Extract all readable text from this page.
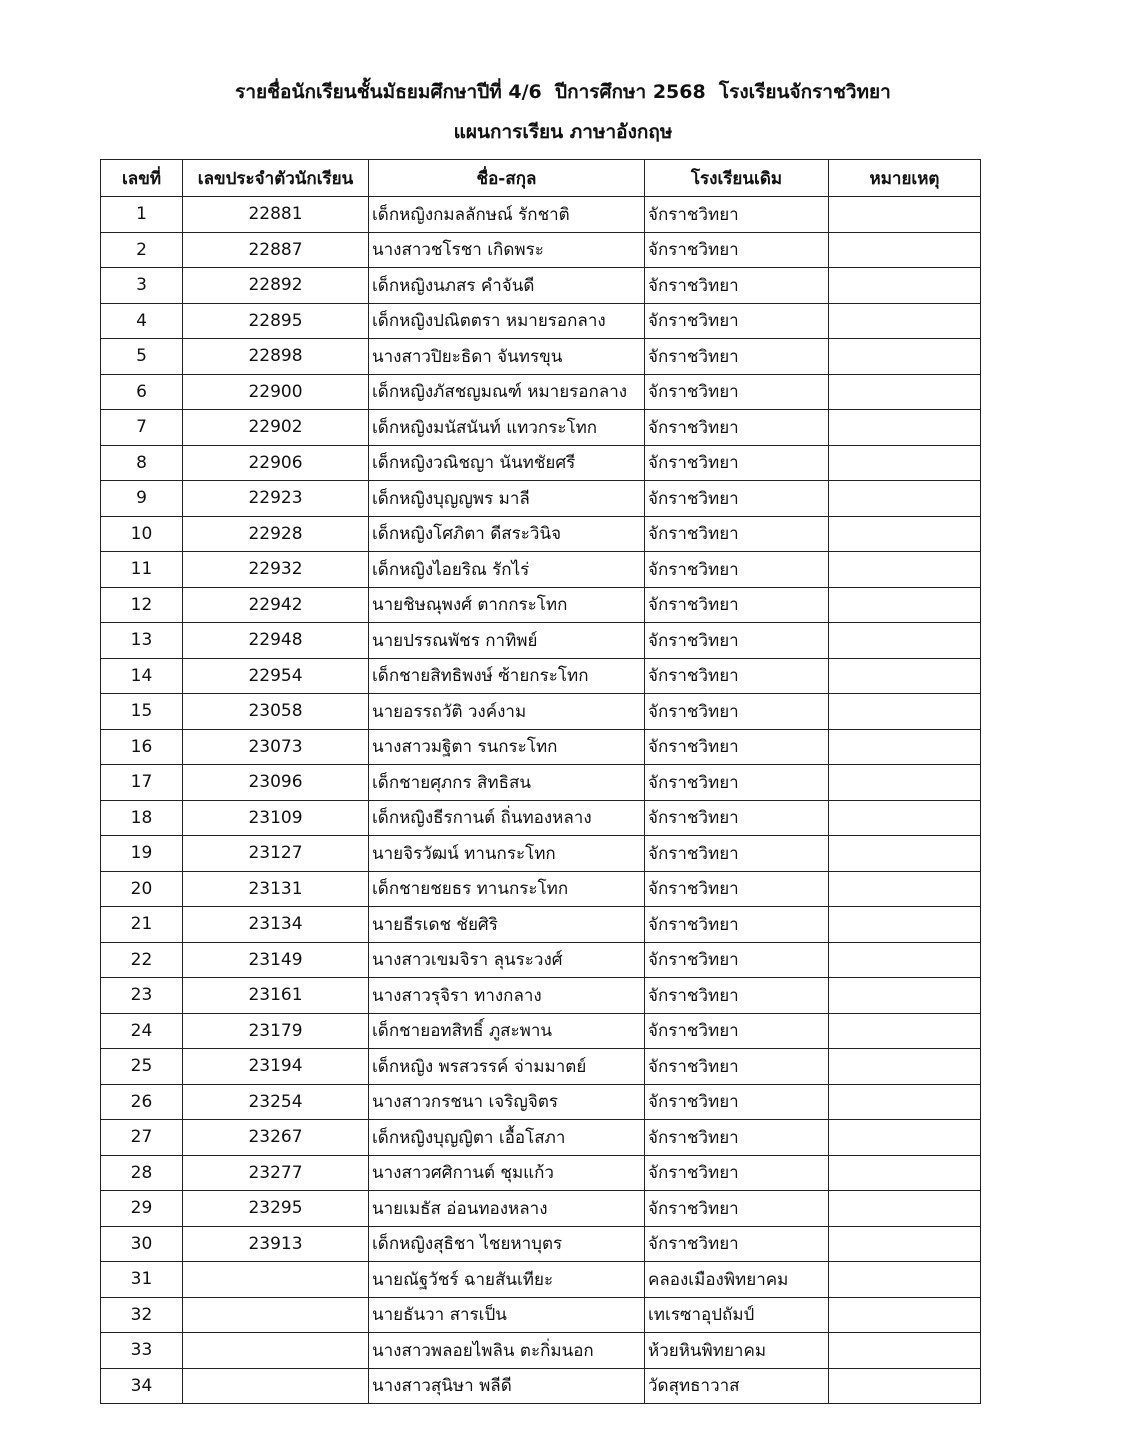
รายชื่อนักเรียนชั้นมัธยมศึกษาปีที่ 4/6  ปีการศึกษา 2568  โรงเรียนจักราชวิทยา
แผนการเรียน ภาษาอังกฤษ
เลขที่	เลขประจำตัวนักเรียน	ชื่อ-สกุล	โรงเรียนเดิม	หมายเหตุ
1	22881	เด็กหญิงกมลลักษณ์ รักชาติ	จักราชวิทยา	
2	22887	นางสาวชโรชา เกิดพระ	จักราชวิทยา	
3	22892	เด็กหญิงนภสร คำจันดี	จักราชวิทยา	
4	22895	เด็กหญิงปณิตตรา หมายรอกลาง	จักราชวิทยา	
5	22898	นางสาวปิยะธิดา จันทรขุน	จักราชวิทยา	
6	22900	เด็กหญิงภัสชญมณฑ์ หมายรอกลาง	จักราชวิทยา	
7	22902	เด็กหญิงมนัสนันท์ แทวกระโทก	จักราชวิทยา	
8	22906	เด็กหญิงวณิชญา นันทชัยศรี	จักราชวิทยา	
9	22923	เด็กหญิงบุญญพร มาลี	จักราชวิทยา	
10	22928	เด็กหญิงโศภิตา ดีสระวินิจ	จักราชวิทยา	
11	22932	เด็กหญิงไอยริณ รักไร่	จักราชวิทยา	
12	22942	นายชิษณุพงศ์ ตากกระโทก	จักราชวิทยา	
13	22948	นายปรรณพัชร กาทิพย์	จักราชวิทยา	
14	22954	เด็กชายสิทธิพงษ์ ซ้ายกระโทก	จักราชวิทยา	
15	23058	นายอรรถวัติ วงค์งาม	จักราชวิทยา	
16	23073	นางสาวมฐิตา รนกระโทก	จักราชวิทยา	
17	23096	เด็กชายศุภกร สิทธิสน	จักราชวิทยา	
18	23109	เด็กหญิงธีรกานต์ ถิ่นทองหลาง	จักราชวิทยา	
19	23127	นายจิรวัฒน์ ทานกระโทก	จักราชวิทยา	
20	23131	เด็กชายชยธร ทานกระโทก	จักราชวิทยา	
21	23134	นายธีรเดช ชัยศิริ	จักราชวิทยา	
22	23149	นางสาวเขมจิรา ลุนระวงศ์	จักราชวิทยา	
23	23161	นางสาวรุจิรา ทางกลาง	จักราชวิทยา	
24	23179	เด็กชายอทสิทธิ์ ภูสะพาน	จักราชวิทยา	
25	23194	เด็กหญิง พรสวรรค์ จ่ามมาตย์	จักราชวิทยา	
26	23254	นางสาวกรชนา เจริญจิตร	จักราชวิทยา	
27	23267	เด็กหญิงบุญญิตา เอื้อโสภา	จักราชวิทยา	
28	23277	นางสาวศศิกานต์ ชุมแก้ว	จักราชวิทยา	
29	23295	นายเมธัส อ่อนทองหลาง	จักราชวิทยา	
30	23913	เด็กหญิงสุธิชา ไชยหาบุตร	จักราชวิทยา	
31		นายณัฐวัชร์ ฉายสันเทียะ	คลองเมืองพิทยาคม	
32		นายธันวา สารเป็น	เทเรซาอุปถัมป์	
33		นางสาวพลอยไพลิน ตะกิ่มนอก	ห้วยหินพิทยาคม	
34		นางสาวสุนิษา พลีดี	วัดสุทธาวาส	
